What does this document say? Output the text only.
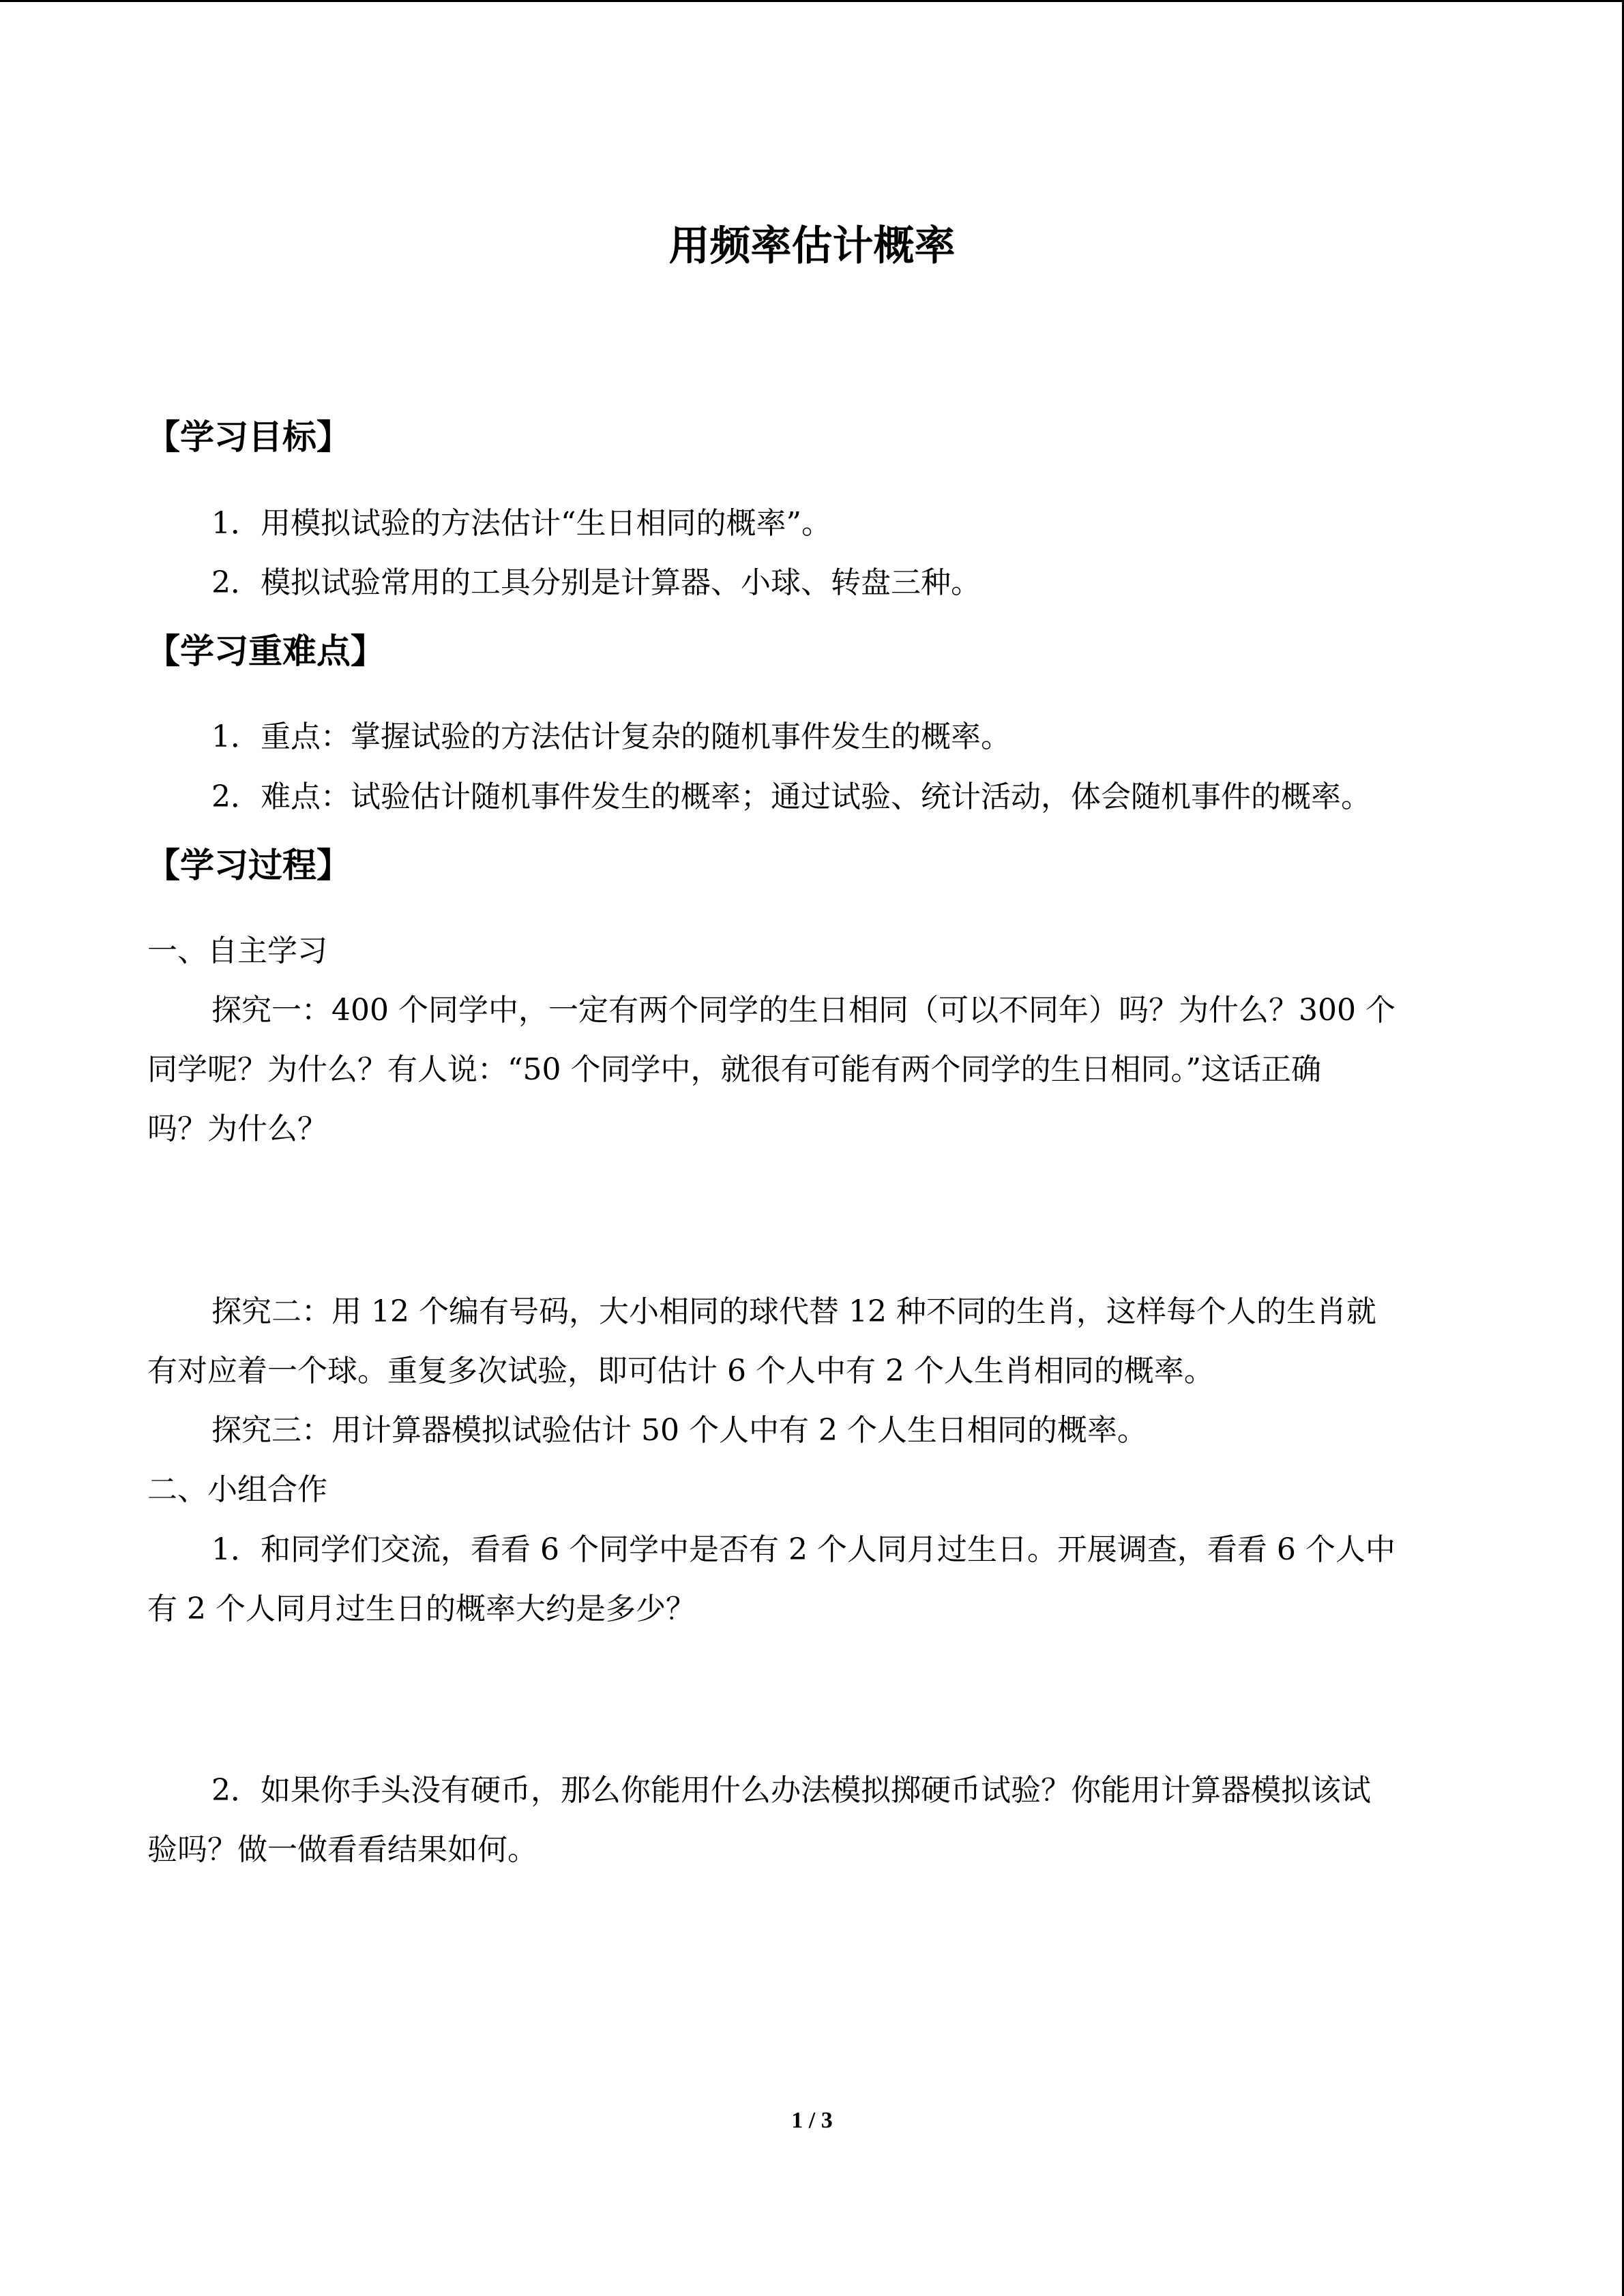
用频率估计概率
【学习目标】
1．用模拟试验的方法估计“生日相同的概率”。
2．模拟试验常用的工具分别是计算器、小球、转盘三种。
【学习重难点】
1．重点：掌握试验的方法估计复杂的随机事件发生的概率。
2．难点：试验估计随机事件发生的概率；通过试验、统计活动，体会随机事件的概率。
【学习过程】
一、自主学习
探究一：400 个同学中，一定有两个同学的生日相同（可以不同年）吗？为什么？300 个
同学呢？为什么？有人说：“50 个同学中，就很有可能有两个同学的生日相同。”这话正确
吗？为什么？
探究二：用 12 个编有号码，大小相同的球代替 12 种不同的生肖，这样每个人的生肖就
有对应着一个球。重复多次试验，即可估计 6 个人中有 2 个人生肖相同的概率。
探究三：用计算器模拟试验估计 50 个人中有 2 个人生日相同的概率。
二、小组合作
1．和同学们交流，看看 6 个同学中是否有 2 个人同月过生日。开展调查，看看 6 个人中
有 2 个人同月过生日的概率大约是多少？
2．如果你手头没有硬币，那么你能用什么办法模拟掷硬币试验？你能用计算器模拟该试
验吗？做一做看看结果如何。
1 / 3
